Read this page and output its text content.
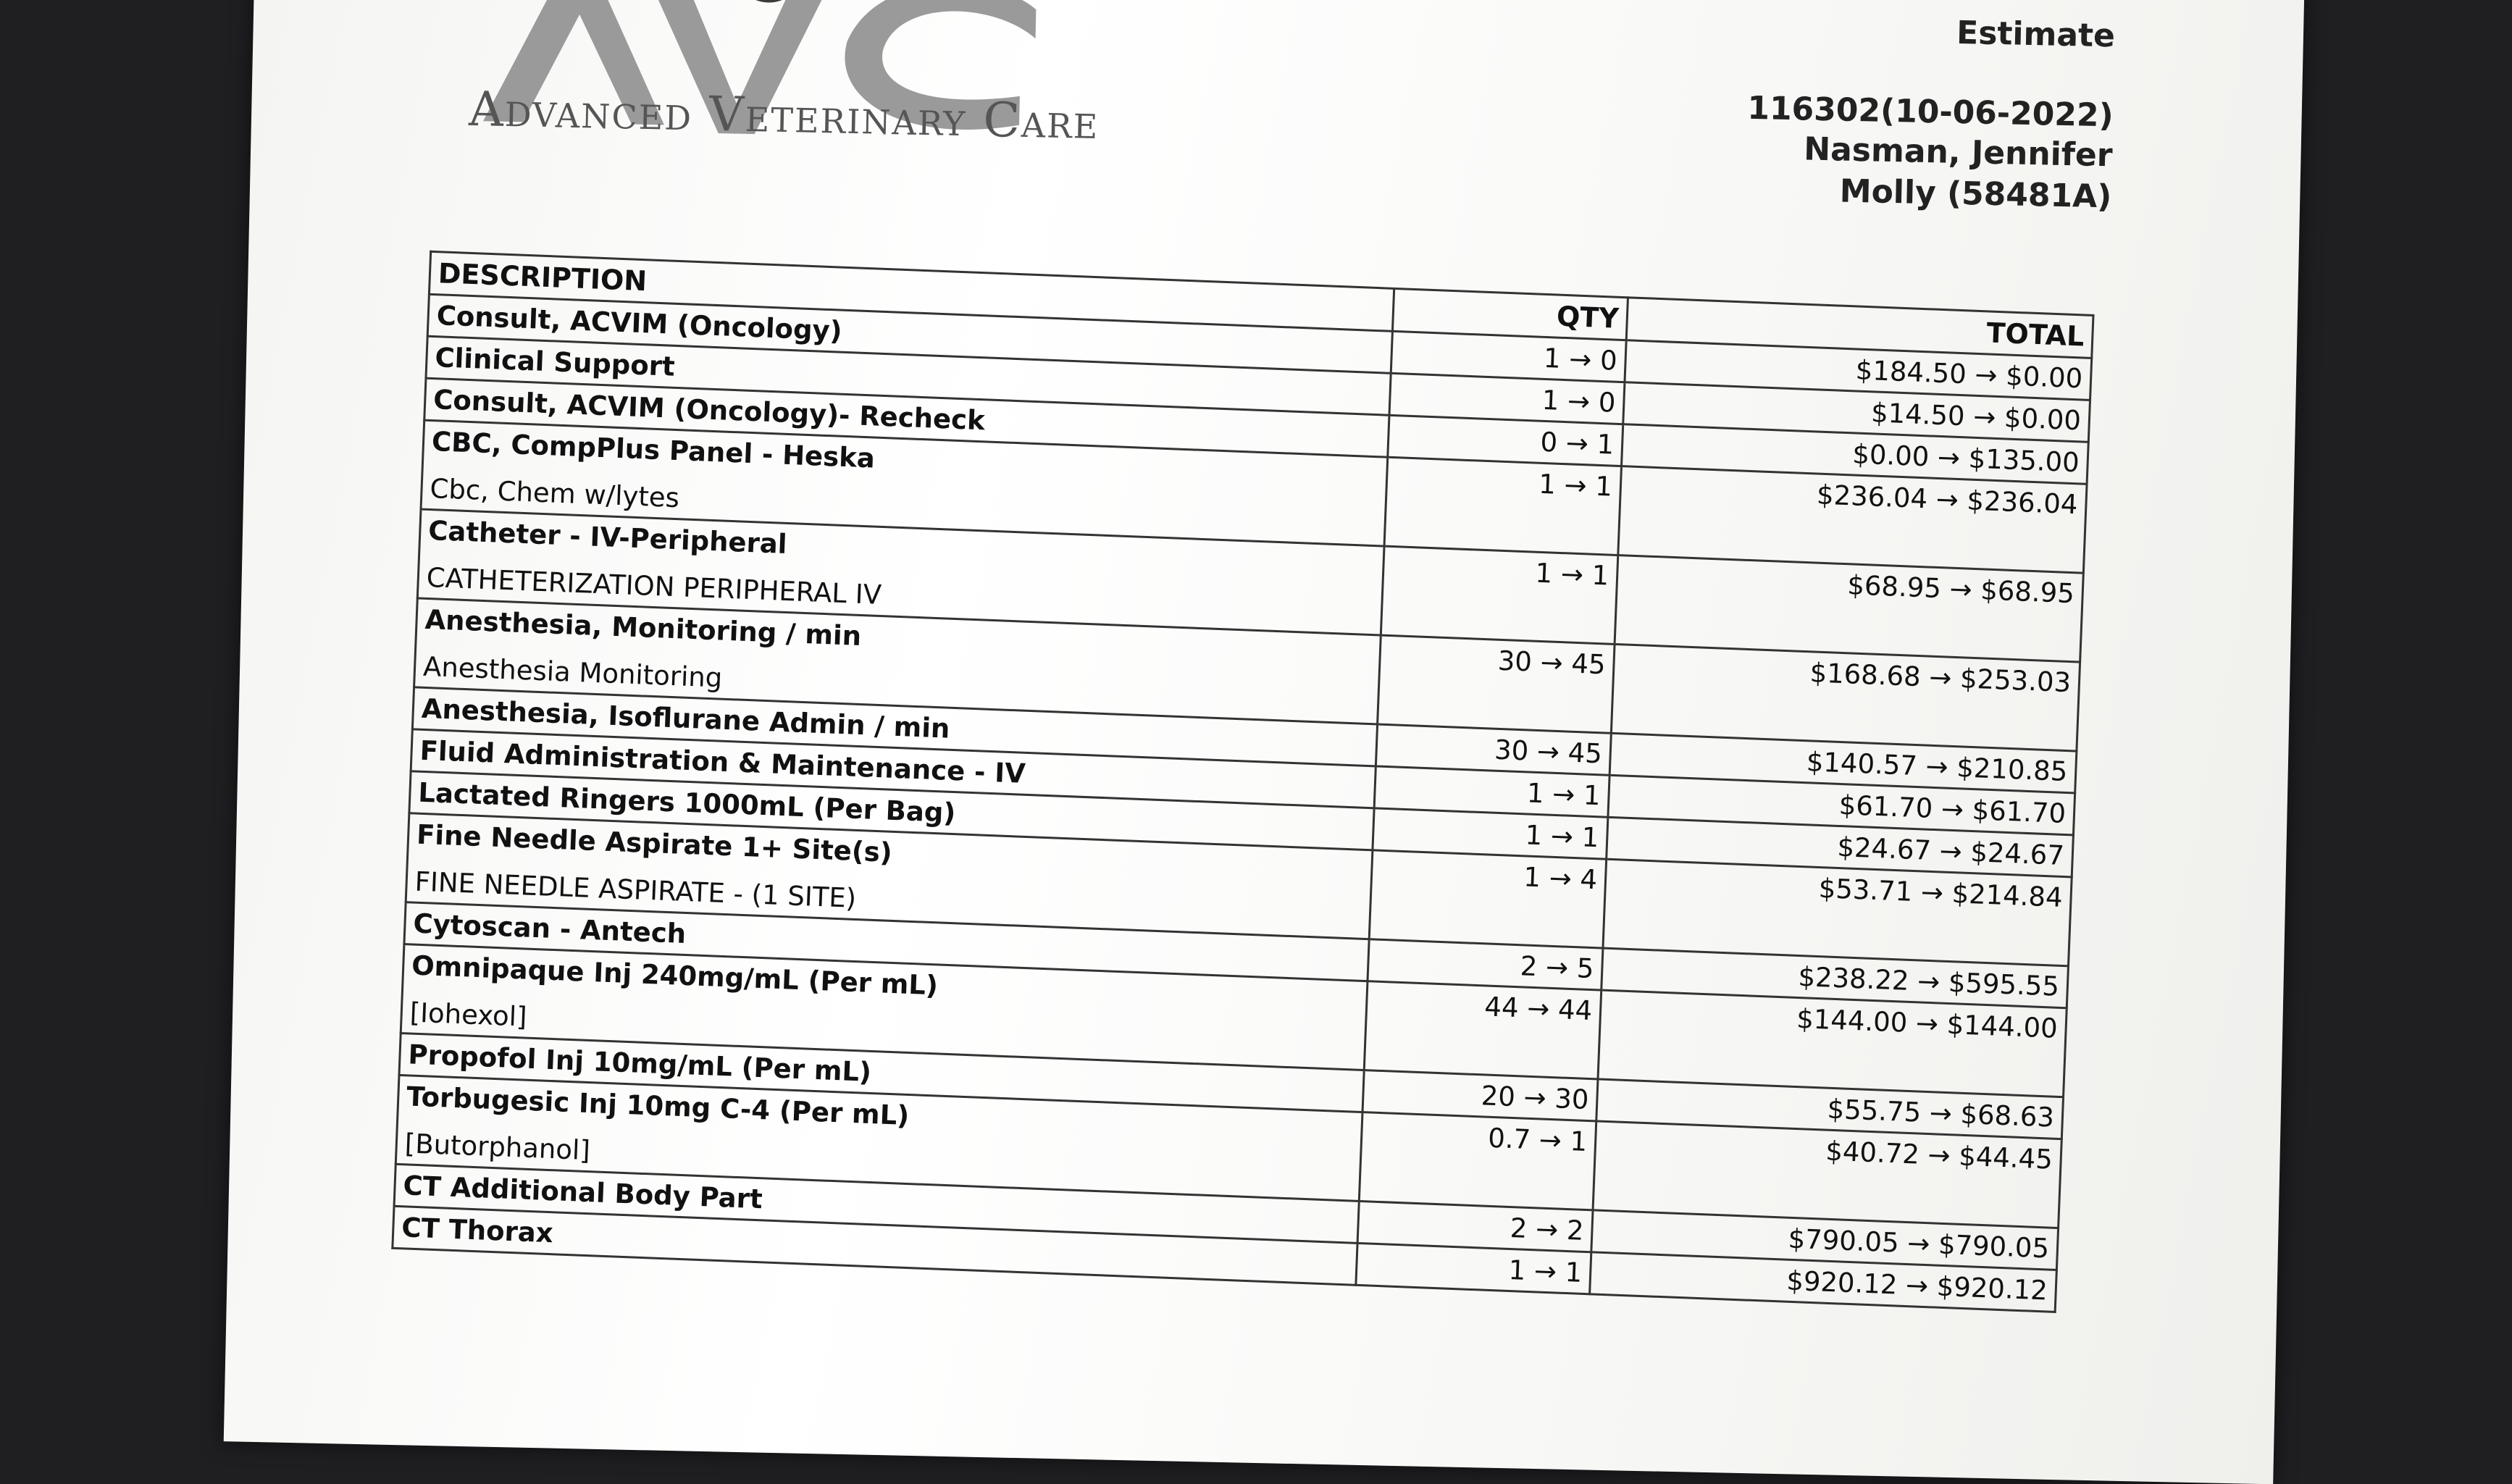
Advanced Veterinary Care
Estimate
116302(10-06-2022)
Nasman, Jennifer
Molly (58481A)
DESCRIPTION	QTY	TOTAL

Consult, ACVIM (Oncology)	1 → 0	$184.50 → $0.00

Clinical Support	1 → 0	$14.50 → $0.00

Consult, ACVIM (Oncology)- Recheck	0 → 1	$0.00 → $135.00

CBC, CompPlus Panel - Heska
Cbc, Chem w/lytes	1 → 1	$236.04 → $236.04

Catheter - IV-Peripheral
CATHETERIZATION PERIPHERAL IV	1 → 1	$68.95 → $68.95

Anesthesia, Monitoring / min
Anesthesia Monitoring	30 → 45	$168.68 → $253.03

Anesthesia, Isoflurane Admin / min	30 → 45	$140.57 → $210.85

Fluid Administration & Maintenance - IV	1 → 1	$61.70 → $61.70

Lactated Ringers 1000mL (Per Bag)	1 → 1	$24.67 → $24.67

Fine Needle Aspirate 1+ Site(s)
FINE NEEDLE ASPIRATE - (1 SITE)	1 → 4	$53.71 → $214.84

Cytoscan - Antech	2 → 5	$238.22 → $595.55

Omnipaque Inj 240mg/mL (Per mL)
[Iohexol]	44 → 44	$144.00 → $144.00

Propofol Inj 10mg/mL (Per mL)	20 → 30	$55.75 → $68.63

Torbugesic Inj 10mg C-4 (Per mL)
[Butorphanol]	0.7 → 1	$40.72 → $44.45

CT Additional Body Part	2 → 2	$790.05 → $790.05

CT Thorax	1 → 1	$920.12 → $920.12
